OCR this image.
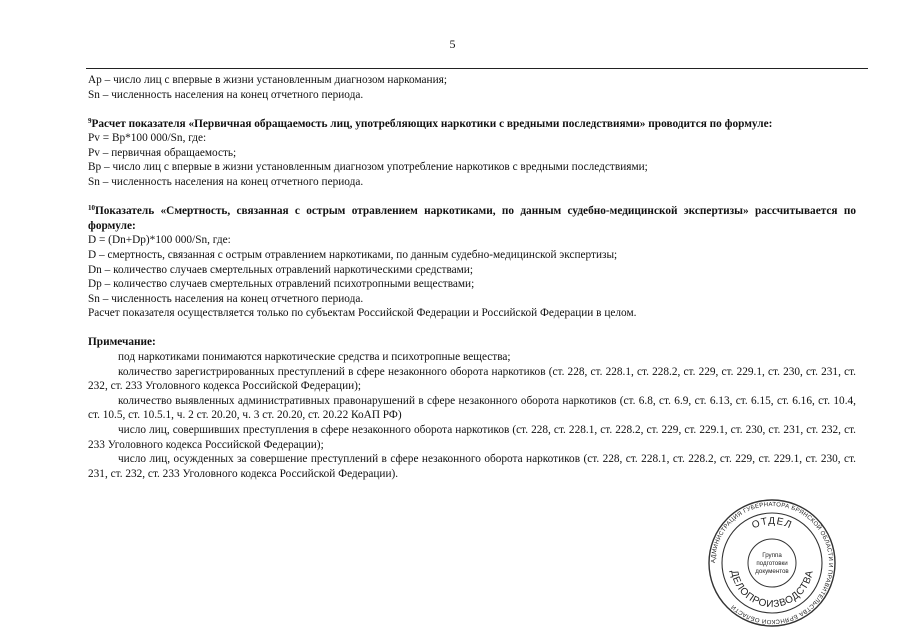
5

Ар – число лиц с впервые в жизни установленным диагнозом наркомания;

Sn – численность населения на конец отчетного периода.

$^9$Расчет показателя «Первичная обращаемость лиц, употребляющих наркотики с вредными последствиями» проводится по формуле:

Pv = Bp*100 000/Sn, где:

Pv – первичная обращаемость;

Bp – число лиц с впервые в жизни установленным диагнозом употребление наркотиков с вредными последствиями;

Sn – численность населения на конец отчетного периода.

$^{10}$Показатель «Смертность, связанная с острым отравлением наркотиками, по данным судебно-медицинской экспертизы» рассчитывается по формуле:

D = (Dn+Dp)*100 000/Sn, где:

D – смертность, связанная с острым отравлением наркотиками, по данным судебно-медицинской экспертизы;

Dn – количество случаев смертельных отравлений наркотическими средствами;

Dp – количество случаев смертельных отравлений психотропными веществами;

Sn – численность населения на конец отчетного периода.

Расчет показателя осуществляется только по субъектам Российской Федерации и Российской Федерации в целом.

Примечание:

под наркотиками понимаются наркотические средства и психотропные вещества;

количество зарегистрированных преступлений в сфере незаконного оборота наркотиков (ст. 228, ст. 228.1, ст. 228.2, ст. 229, ст. 229.1, ст. 230, ст. 231, ст. 232, ст. 233 Уголовного кодекса Российской Федерации);

количество выявленных административных правонарушений в сфере незаконного оборота наркотиков (ст. 6.8, ст. 6.9, ст. 6.13, ст. 6.15, ст. 6.16, ст. 10.4, ст. 10.5, ст. 10.5.1, ч. 2 ст. 20.20, ч. 3 ст. 20.20, ст. 20.22 КоАП РФ)

число лиц, совершивших преступления в сфере незаконного оборота наркотиков (ст. 228, ст. 228.1, ст. 228.2, ст. 229, ст. 229.1, ст. 230, ст. 231, ст. 232, ст. 233 Уголовного кодекса Российской Федерации);

число лиц, осужденных за совершение преступлений в сфере незаконного оборота наркотиков (ст. 228, ст. 228.1, ст. 228.2, ст. 229, ст. 229.1, ст. 230, ст. 231, ст. 232, ст. 233 Уголовного кодекса Российской Федерации).

АДМИНИСТРАЦИЯ ГУБЕРНАТОРА БРЯНСКОЙ ОБЛАСТИ И ПРАВИТЕЛЬСТВА БРЯНСКОЙ ОБЛАСТИ
ОТДЕЛ
ДЕЛОПРОИЗВОДСТВА
Группа
подготовки
документов
